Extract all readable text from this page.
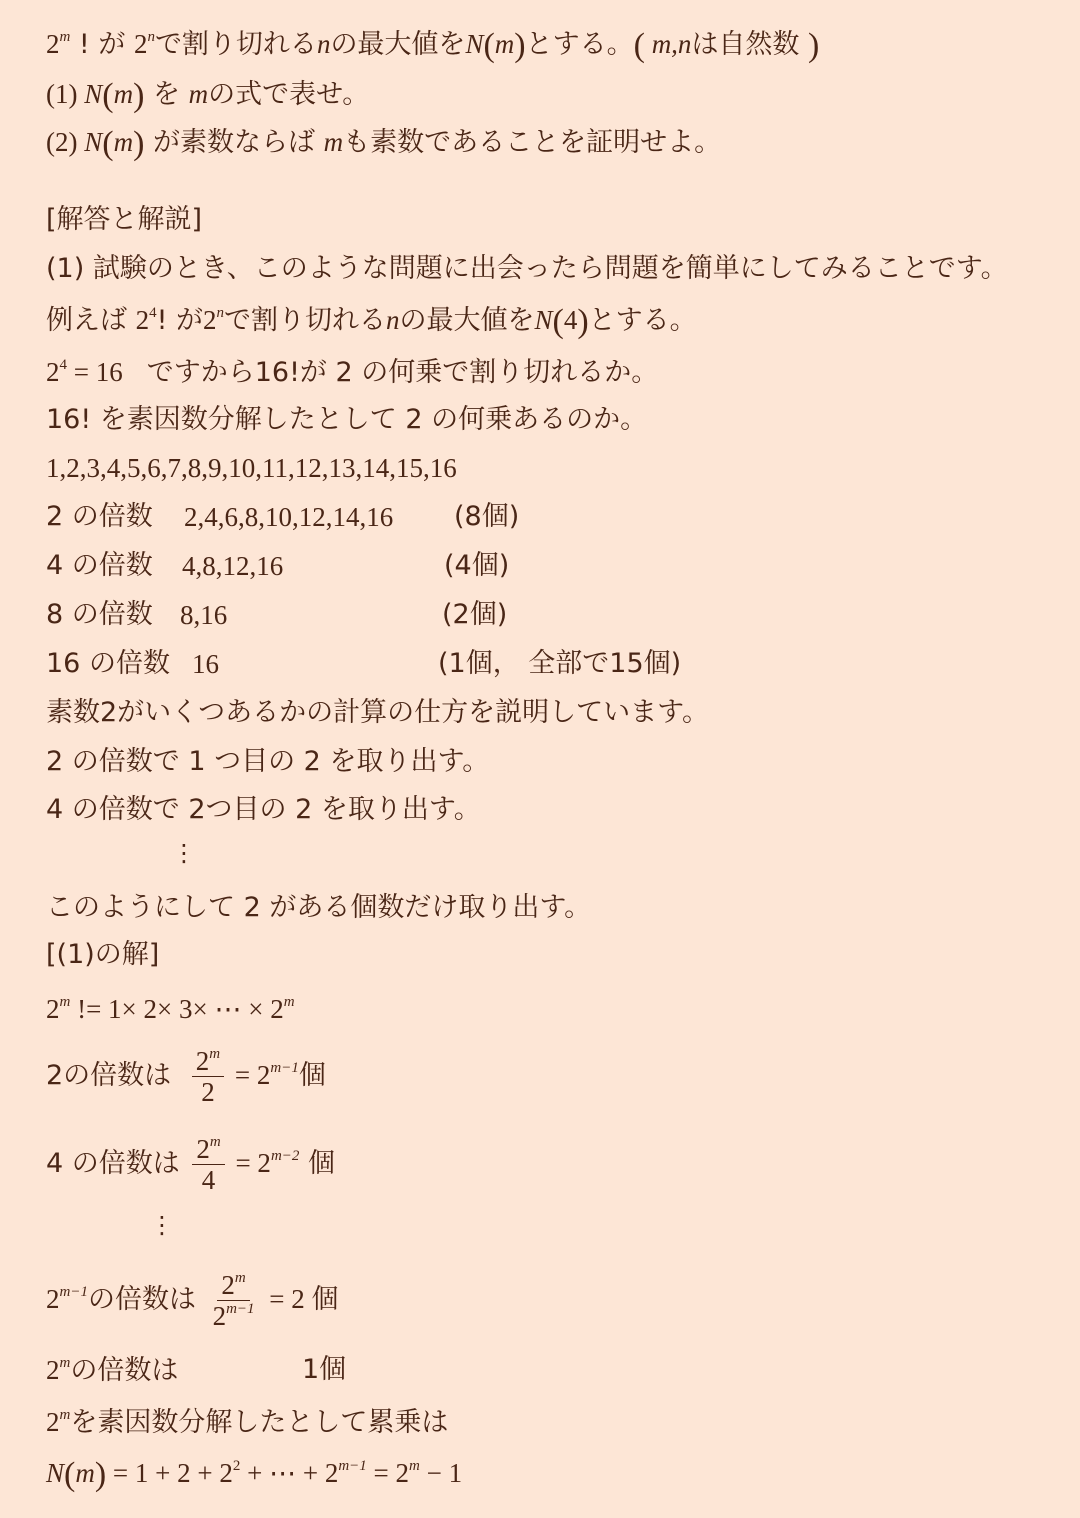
2$^m$ ! が 2$^n$で割り切れるnの最大値をN(m)とする。( m,nは自然数 )
(1) N(m) を mの式で表せ。
(2) N(m) が素数ならば mも素数であることを証明せよ。
[解答と解説]
(1) 試験のとき、このような問題に出会ったら問題を簡単にしてみることです。
例えば $2^4$! が2$^n$で割り切れるnの最大値をN(4)とする。
$2^4 = 16$ ですから16!が 2 の何乗で割り切れるか。
16! を素因数分解したとして 2 の何乗あるのか。
1,2,3,4,5,6,7,8,9,10,11,12,13,14,15,16
2 の倍数 2,4,6,8,10,12,14,16 (8個)
4 の倍数 4,8,12,16	(4個)
8 の倍数 8,16	(2個)
16 の倍数 16	(1個， 全部で15個)
素数2がいくつあるかの計算の仕方を説明しています。
2 の倍数で 1 つ目の 2 を取り出す。
4 の倍数で 2つ目の 2 を取り出す。
⋮
このようにして 2 がある個数だけ取り出す。
[(1)の解]
2$^m$ != 1× 2× 3× ⋯ × $2^m$
2の倍数は $\frac{2^m}{2} = 2^{m-1}$個
4 の倍数は $\frac{2^m}{4} = 2^{m-2}$ 個
⋮
$2^{m-1}$の倍数は $\frac{2^m}{2^{m-1}} = 2$ 個
2$^m$の倍数は	1個
2$^m$を素因数分解したとして累乗は
$N(m) = 1 + 2 + 2^2$ + ⋯ + $2^{m-1} = 2^m - 1$
